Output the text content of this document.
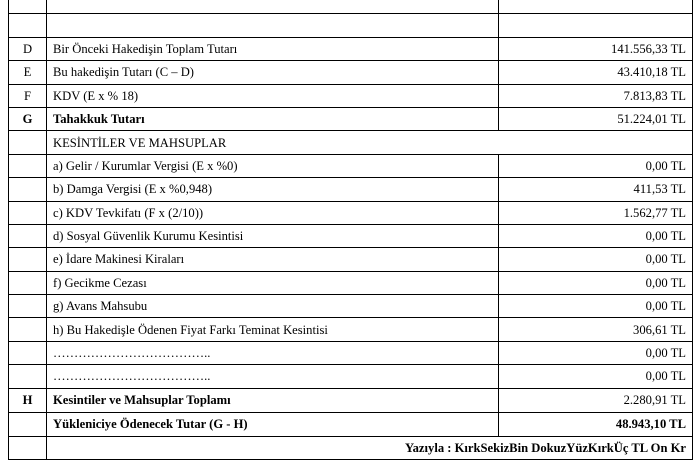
D	Bir Önceki Hakedişin Toplam Tutarı	141.556,33 TL
E	Bu hakedişin Tutarı (C – D)	43.410,18 TL
F	KDV (E x % 18)	7.813,83 TL
G	Tahakkuk Tutarı	51.224,01 TL
	KESİNTİLER VE MAHSUPLAR	
	a) Gelir / Kurumlar Vergisi (E x %0)	0,00 TL
	b) Damga Vergisi (E x %0,948)	411,53 TL
	c) KDV Tevkifatı (F x (2/10))	1.562,77 TL
	d) Sosyal Güvenlik Kurumu Kesintisi	0,00 TL
	e) İdare Makinesi Kiraları	0,00 TL
	f) Gecikme Cezası	0,00 TL
	g) Avans Mahsubu	0,00 TL
	h) Bu Hakedişle Ödenen Fiyat Farkı Teminat Kesintisi	306,61 TL
	………………………………..	0,00 TL
	………………………………..	0,00 TL
H	Kesintiler ve Mahsuplar Toplamı	2.280,91 TL
	Yükleniciye Ödenecek Tutar (G - H)	48.943,10 TL
	Yazıyla : KırkSekizBin DokuzYüzKırkÜç TL On Kr	
